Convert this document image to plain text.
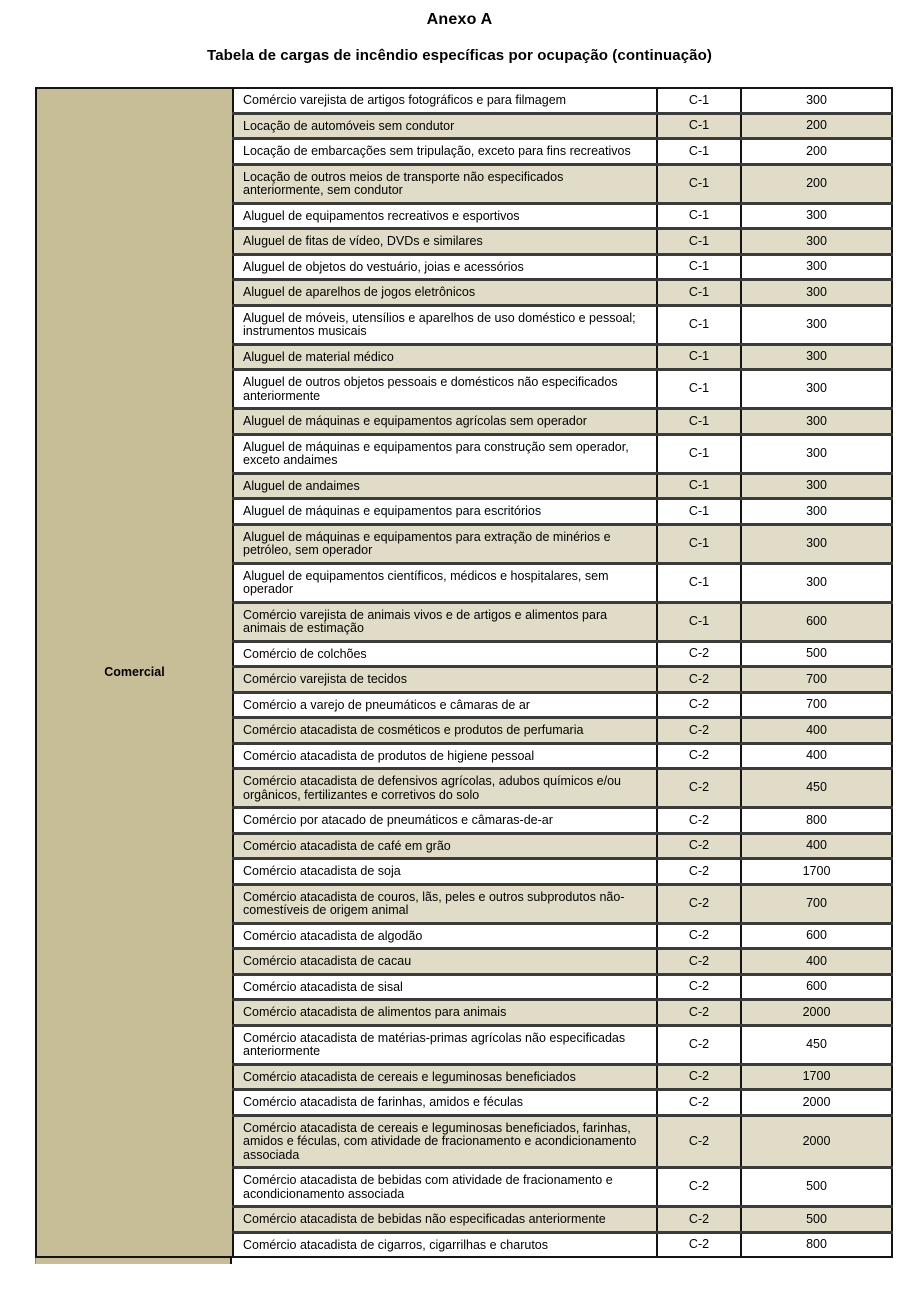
Anexo A
Tabela de cargas de incêndio específicas por ocupação (continuação)
Comercial	Comércio varejista de artigos fotográficos e para filmagem	C-1	300
	Locação de automóveis sem condutor	C-1	200
	Locação de embarcações sem tripulação, exceto para fins recreativos	C-1	200
	Locação de outros meios de transporte não especificados anteriormente, sem condutor	C-1	200
	Aluguel de equipamentos recreativos e esportivos	C-1	300
	Aluguel de fitas de vídeo, DVDs e similares	C-1	300
	Aluguel de objetos do vestuário, joias e acessórios	C-1	300
	Aluguel de aparelhos de jogos eletrônicos	C-1	300
	Aluguel de móveis, utensílios e aparelhos de uso doméstico e pessoal; instrumentos musicais	C-1	300
	Aluguel de material médico	C-1	300
	Aluguel de outros objetos pessoais e domésticos não especificados anteriormente	C-1	300
	Aluguel de máquinas e equipamentos agrícolas sem operador	C-1	300
	Aluguel de máquinas e equipamentos para construção sem operador, exceto andaimes	C-1	300
	Aluguel de andaimes	C-1	300
	Aluguel de máquinas e equipamentos para escritórios	C-1	300
	Aluguel de máquinas e equipamentos para extração de minérios e petróleo, sem operador	C-1	300
	Aluguel de equipamentos científicos, médicos e hospitalares, sem operador	C-1	300
	Comércio varejista de animais vivos e de artigos e alimentos para animais de estimação	C-1	600
	Comércio de colchões	C-2	500
	Comércio varejista de tecidos	C-2	700
	Comércio a varejo de pneumáticos e câmaras de ar	C-2	700
	Comércio atacadista de cosméticos e produtos de perfumaria	C-2	400
	Comércio atacadista de produtos de higiene pessoal	C-2	400
	Comércio atacadista de defensivos agrícolas, adubos químicos e/ou orgânicos, fertilizantes e corretivos do solo	C-2	450
	Comércio por atacado de pneumáticos e câmaras-de-ar	C-2	800
	Comércio atacadista de café em grão	C-2	400
	Comércio atacadista de soja	C-2	1700
	Comércio atacadista de couros, lãs, peles e outros subprodutos não-comestíveis de origem animal	C-2	700
	Comércio atacadista de algodão	C-2	600
	Comércio atacadista de cacau	C-2	400
	Comércio atacadista de sisal	C-2	600
	Comércio atacadista de alimentos para animais	C-2	2000
	Comércio atacadista de matérias-primas agrícolas não especificadas anteriormente	C-2	450
	Comércio atacadista de cereais e leguminosas beneficiados	C-2	1700
	Comércio atacadista de farinhas, amidos e féculas	C-2	2000
	Comércio atacadista de cereais e leguminosas beneficiados, farinhas, amidos e féculas, com atividade de fracionamento e acondicionamento associada	C-2	2000
	Comércio atacadista de bebidas com atividade de fracionamento e acondicionamento associada	C-2	500
	Comércio atacadista de bebidas não especificadas anteriormente	C-2	500
	Comércio atacadista de cigarros, cigarrilhas e charutos	C-2	800
